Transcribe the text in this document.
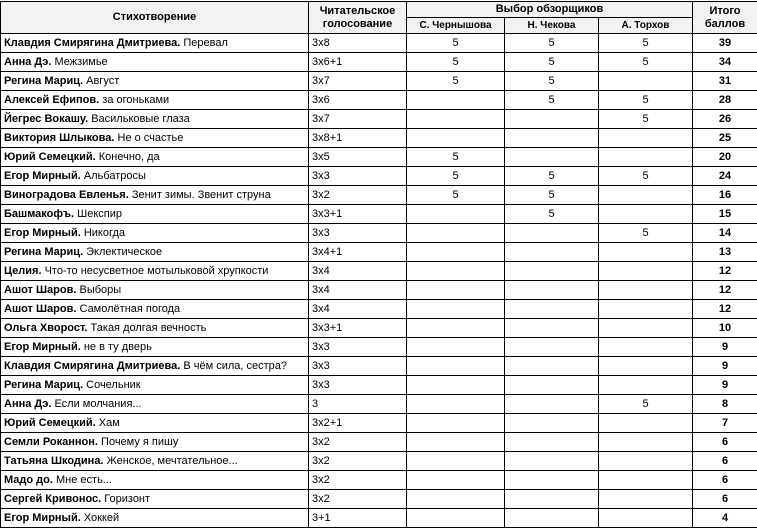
Стихотворение	Читательское голосование	Выбор обзорщиков			Итого баллов
		С. Чернышова	Н. Чекова	А. Торхов	
Клавдия Смирягина Дмитриева. Перевал	3x8	5	5	5	39
Анна Дэ. Межзимье	3x6+1	5	5	5	34
Регина Мариц. Август	3x7	5	5		31
Алексей Ефипов. за огоньками	3x6		5	5	28
Йегрес Вокашу. Васильковые глаза	3x7			5	26
Виктория Шлыкова. Не о счастье	3x8+1				25
Юрий Семецкий. Конечно, да	3x5	5			20
Егор Мирный. Альбатросы	3x3	5	5	5	24
Виноградова Евленья. Зенит зимы. Звенит струна	3x2	5	5		16
Башмакофъ. Шекспир	3x3+1		5		15
Егор Мирный. Никогда	3x3			5	14
Регина Мариц. Эклектическое	3x4+1				13
Целия. Что-то несусветное мотыльковой хрупкости	3x4				12
Ашот Шаров. Выборы	3x4				12
Ашот Шаров. Самолётная погода	3x4				12
Ольга Хворост. Такая долгая вечность	3x3+1				10
Егор Мирный. не в ту дверь	3x3				9
Клавдия Смирягина Дмитриева. В чём сила, сестра?	3x3				9
Регина Мариц. Сочельник	3x3				9
Анна Дэ. Если молчания...	3			5	8
Юрий Семецкий. Хам	3x2+1				7
Семли Роканнон. Почему я пишу	3x2				6
Татьяна Шкодина. Женское, мечтательное...	3x2				6
Мадо до. Мне есть...	3x2				6
Сергей Кривонос. Горизонт	3x2				6
Егор Мирный. Хоккей	3+1				4
